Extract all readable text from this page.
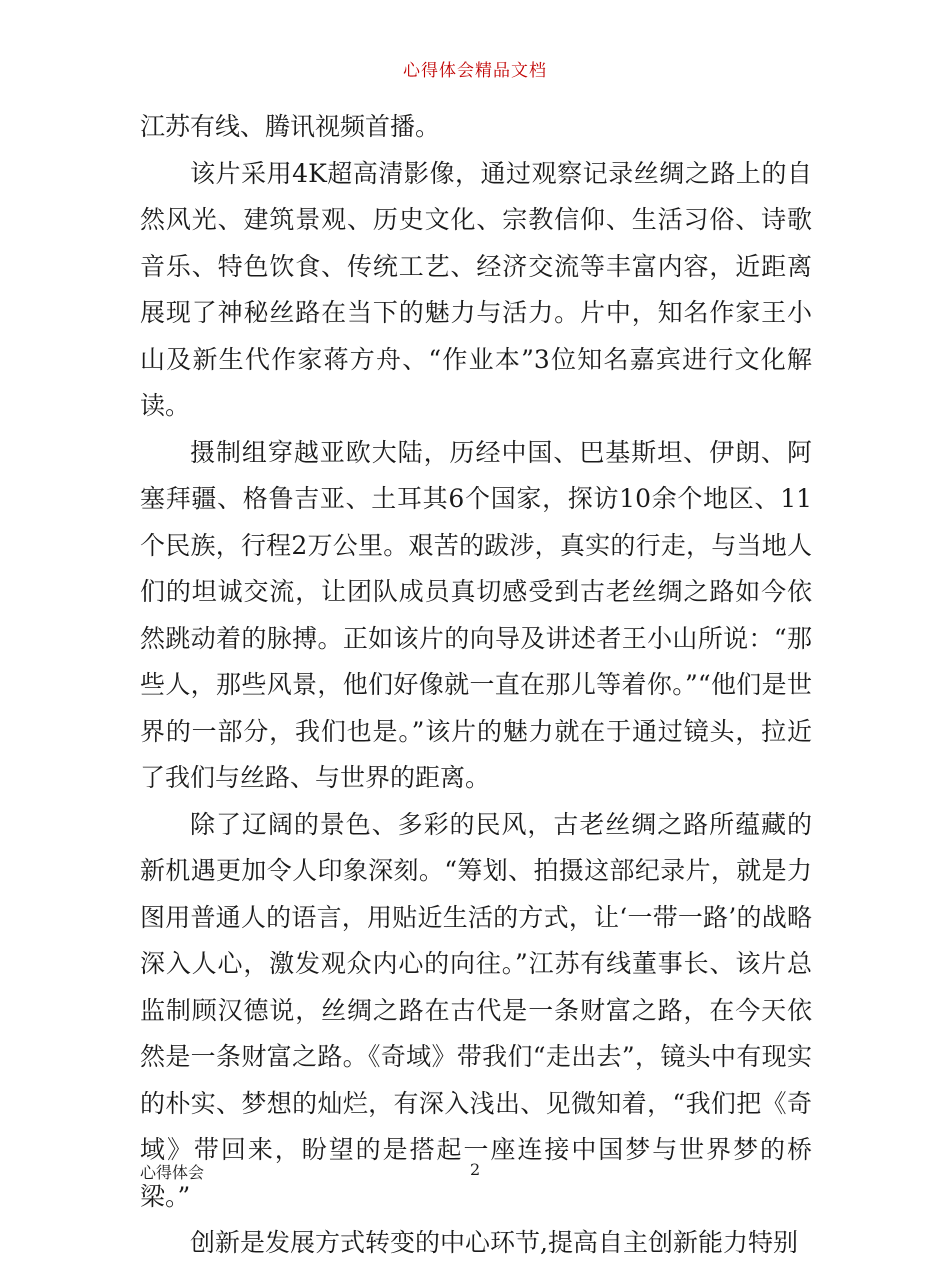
心得体会精品文档

江苏有线、腾讯视频首播。

该片采用4K超高清影像，通过观察记录丝绸之路上的自然风光、建筑景观、历史文化、宗教信仰、生活习俗、诗歌音乐、特色饮食、传统工艺、经济交流等丰富内容，近距离展现了神秘丝路在当下的魅力与活力。片中，知名作家王小山及新生代作家蒋方舟、“作业本”3位知名嘉宾进行文化解读。

摄制组穿越亚欧大陆，历经中国、巴基斯坦、伊朗、阿塞拜疆、格鲁吉亚、土耳其6个国家，探访10余个地区、11个民族，行程2万公里。艰苦的跋涉，真实的行走，与当地人们的坦诚交流，让团队成员真切感受到古老丝绸之路如今依然跳动着的脉搏。正如该片的向导及讲述者王小山所说：“那些人，那些风景，他们好像就一直在那儿等着你。”“他们是世界的一部分，我们也是。”该片的魅力就在于通过镜头，拉近了我们与丝路、与世界的距离。

除了辽阔的景色、多彩的民风，古老丝绸之路所蕴藏的新机遇更加令人印象深刻。“筹划、拍摄这部纪录片，就是力图用普通人的语言，用贴近生活的方式，让‘一带一路’的战略深入人心，激发观众内心的向往。”江苏有线董事长、该片总监制顾汉德说，丝绸之路在古代是一条财富之路，在今天依然是一条财富之路。《奇域》带我们“走出去”，镜头中有现实的朴实、梦想的灿烂，有深入浅出、见微知着，“我们把《奇域》带回来，盼望的是搭起一座连接中国梦与世界梦的桥梁。”

创新是发展方式转变的中心环节,提高自主创新能力特别

心得体会	2
